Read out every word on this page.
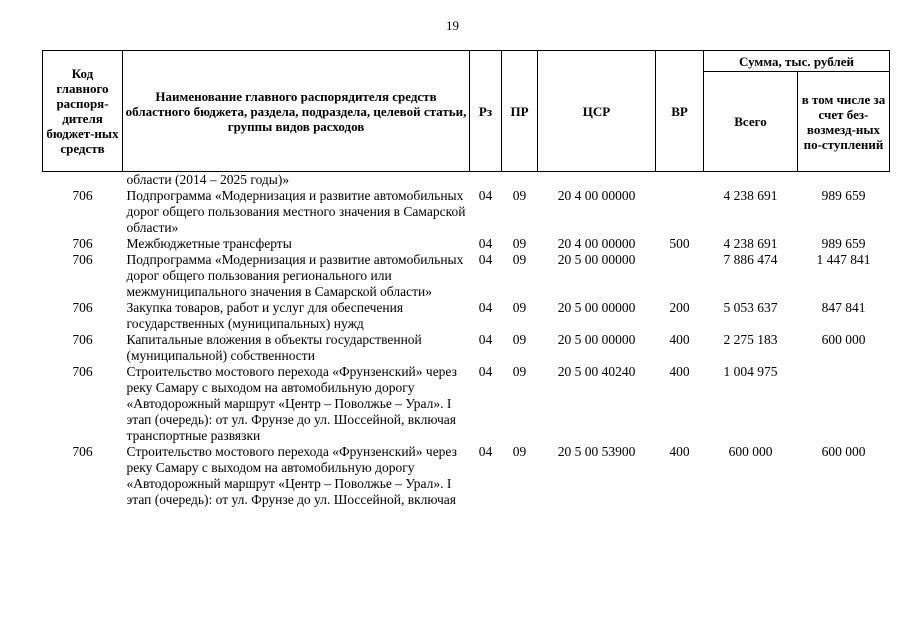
19
Код главного распоря-дителя бюджет-ных средств	Наименование главного распорядителя средств областного бюджета, раздела, подраздела, целевой статьи, группы видов расходов	Рз	ПР	ЦСР	ВР	Сумма, тыс. рублей	
						Всего	в том числе за счет без-возмезд-ных по-ступлений
	области (2014 – 2025 годы)»						
706	Подпрограмма «Модернизация и развитие автомобильных дорог общего пользования местного значения в Самарской области»	04	09	20 4 00 00000		4 238 691	989 659
706	Межбюджетные трансферты	04	09	20 4 00 00000	500	4 238 691	989 659
706	Подпрограмма «Модернизация и развитие автомобильных дорог общего пользования регионального или межмуниципального значения в Самарской области»	04	09	20 5 00 00000		7 886 474	1 447 841
706	Закупка товаров, работ и услуг для обеспечения государственных (муниципальных) нужд	04	09	20 5 00 00000	200	5 053 637	847 841
706	Капитальные вложения в объекты государственной (муниципальной) собственности	04	09	20 5 00 00000	400	2 275 183	600 000
706	Строительство мостового перехода «Фрунзенский» через реку Самару с выходом на автомобильную дорогу «Автодорожный маршрут «Центр – Поволжье – Урал». I этап (очередь): от ул. Фрунзе до ул. Шоссейной, включая транспортные развязки	04	09	20 5 00 40240	400	1 004 975	
706	Строительство мостового перехода «Фрунзенский» через реку Самару с выходом на автомобильную дорогу «Автодорожный маршрут «Центр – Поволжье – Урал». I этап (очередь): от ул. Фрунзе до ул. Шоссейной, включая	04	09	20 5 00 53900	400	600 000	600 000
